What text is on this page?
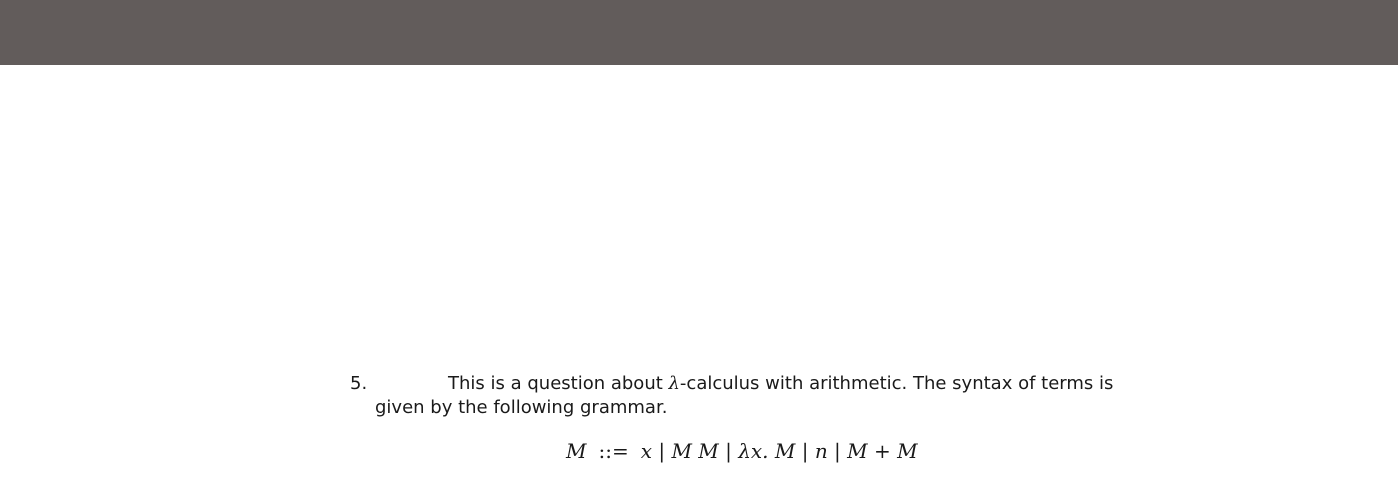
5.	This is a question about λ-calculus with arithmetic. The syntax of terms is
given by the following grammar.
M ::= x | M M | λx. M | n | M + M
